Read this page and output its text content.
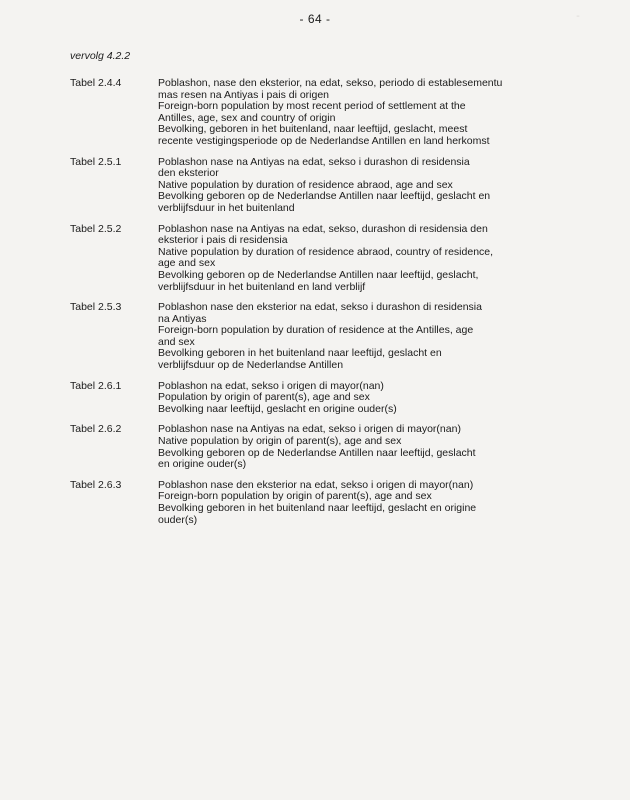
-
- 64 -
vervolg 4.2.2
Tabel 2.4.4	Poblashon, nase den eksterior, na edat, sekso, periodo di establesementu
mas resen na Antiyas i pais di origen
Foreign-born population by most recent period of settlement at the
Antilles, age, sex and country of origin
Bevolking, geboren in het buitenland, naar leeftijd, geslacht, meest
recente vestigingsperiode op de Nederlandse Antillen en land herkomst
Tabel 2.5.1	Poblashon nase na Antiyas na edat, sekso i durashon di residensia
den eksterior
Native population by duration of residence abraod, age and sex
Bevolking geboren op de Nederlandse Antillen naar leeftijd, geslacht en
verblijfsduur in het buitenland
Tabel 2.5.2	Poblashon nase na Antiyas na edat, sekso, durashon di residensia den
eksterior i pais di residensia
Native population by duration of residence abraod, country of residence,
age and sex
Bevolking geboren op de Nederlandse Antillen naar leeftijd, geslacht,
verblijfsduur in het buitenland en land verblijf
Tabel 2.5.3	Poblashon nase den eksterior na edat, sekso i durashon di residensia
na Antiyas
Foreign-born population by duration of residence at the Antilles, age
and sex
Bevolking geboren in het buitenland naar leeftijd, geslacht en
verblijfsduur op de Nederlandse Antillen
Tabel 2.6.1	Poblashon na edat, sekso i origen di mayor(nan)
Population by origin of parent(s), age and sex
Bevolking naar leeftijd, geslacht en origine ouder(s)
Tabel 2.6.2	Poblashon nase na Antiyas na edat, sekso i origen di mayor(nan)
Native population by origin of parent(s), age and sex
Bevolking geboren op de Nederlandse Antillen naar leeftijd, geslacht
en origine ouder(s)
Tabel 2.6.3	Poblashon nase den eksterior na edat, sekso i origen di mayor(nan)
Foreign-born population by origin of parent(s), age and sex
Bevolking geboren in het buitenland naar leeftijd, geslacht en origine
ouder(s)
